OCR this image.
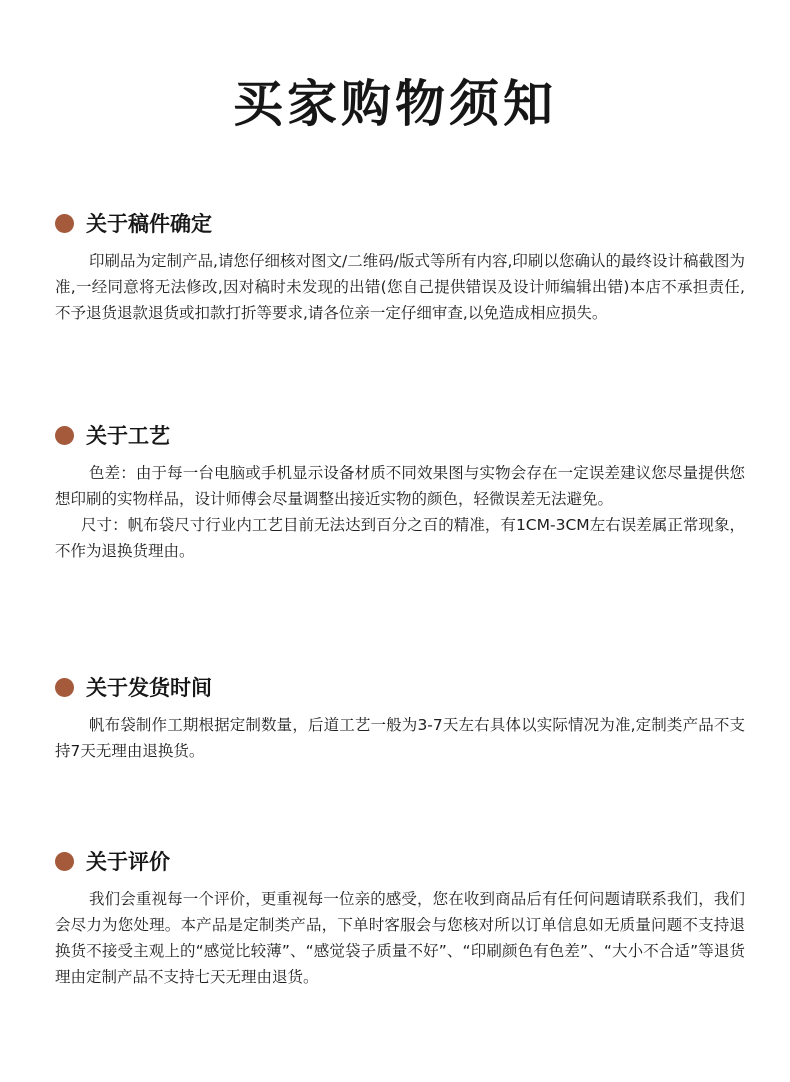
买家购物须知
关于稿件确定

印刷品为定制产品,请您仔细核对图文/二维码/版式等所有内容,印刷以您确认的最终设计稿截图为准,一经同意将无法修改,因对稿时未发现的出错(您自己提供错误及设计师编辑出错)本店不承担责任,不予退货退款退货或扣款打折等要求,请各位亲一定仔细审查,以免造成相应损失。

关于工艺

色差：由于每一台电脑或手机显示设备材质不同效果图与实物会存在一定误差建议您尽量提供您想印刷的实物样品，设计师傅会尽量调整出接近实物的颜色，轻微误差无法避免。

尺寸：帆布袋尺寸行业内工艺目前无法达到百分之百的精准，有1CM-3CM左右误差属正常现象，不作为退换货理由。

关于发货时间

帆布袋制作工期根据定制数量，后道工艺一般为3-7天左右具体以实际情况为准,定制类产品不支持7天无理由退换货。

关于评价

我们会重视每一个评价，更重视每一位亲的感受，您在收到商品后有任何问题请联系我们，我们会尽力为您处理。本产品是定制类产品，下单时客服会与您核对所以订单信息如无质量问题不支持退换货不接受主观上的“感觉比较薄”、“感觉袋子质量不好”、“印刷颜色有色差”、“大小不合适”等退货理由定制产品不支持七天无理由退货。
